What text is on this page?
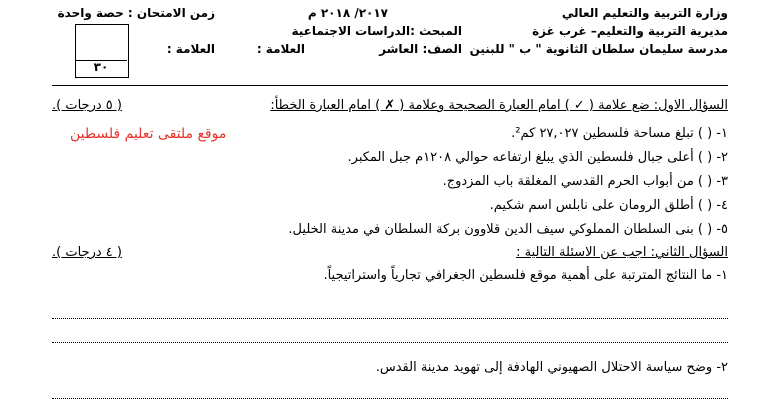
وزارة التربية والتعليم العالي
مديرية التربية والتعليم– غرب غزة
مدرسة سليمان سلطان الثانوية " ب " للبنين
٢٠١٧/ ٢٠١٨ م
المبحث :الدراسات الاجتماعية
الصف: العاشر
العلامة :
زمن الامتحان : حصة واحدة
العلامة :
٣٠
السؤال الاول: ضع علامة ( ✓ ) امام العبارة الصحيحة وعلامة ( ✗ ) امام العبارة الخطأ:
( ٥ درجات ).
موقع ملتقى تعليم فلسطين	١- ( ) تبلغ مساحة فلسطين ٢٧,٠٢٧ كم².
٢- ( ) أعلى جبال فلسطين الذي يبلغ ارتفاعه حوالي ١٢٠٨م جبل المكبر.
٣- ( ) من أبواب الحرم القدسي المغلقة باب المزدوج.
٤- ( ) أطلق الرومان على نابلس اسم شكيم.
٥- ( ) بنى السلطان المملوكي سيف الدين قلاوون بركة السلطان في مدينة الخليل.
السؤال الثاني: اجب عن الاسئلة التالية :
( ٤ درجات ).
١- ما النتائج المترتبة على أهمية موقع فلسطين الجغرافي تجارياً واستراتيجياً.
٢- وضح سياسة الاحتلال الصهيوني الهادفة إلى تهويد مدينة القدس.
